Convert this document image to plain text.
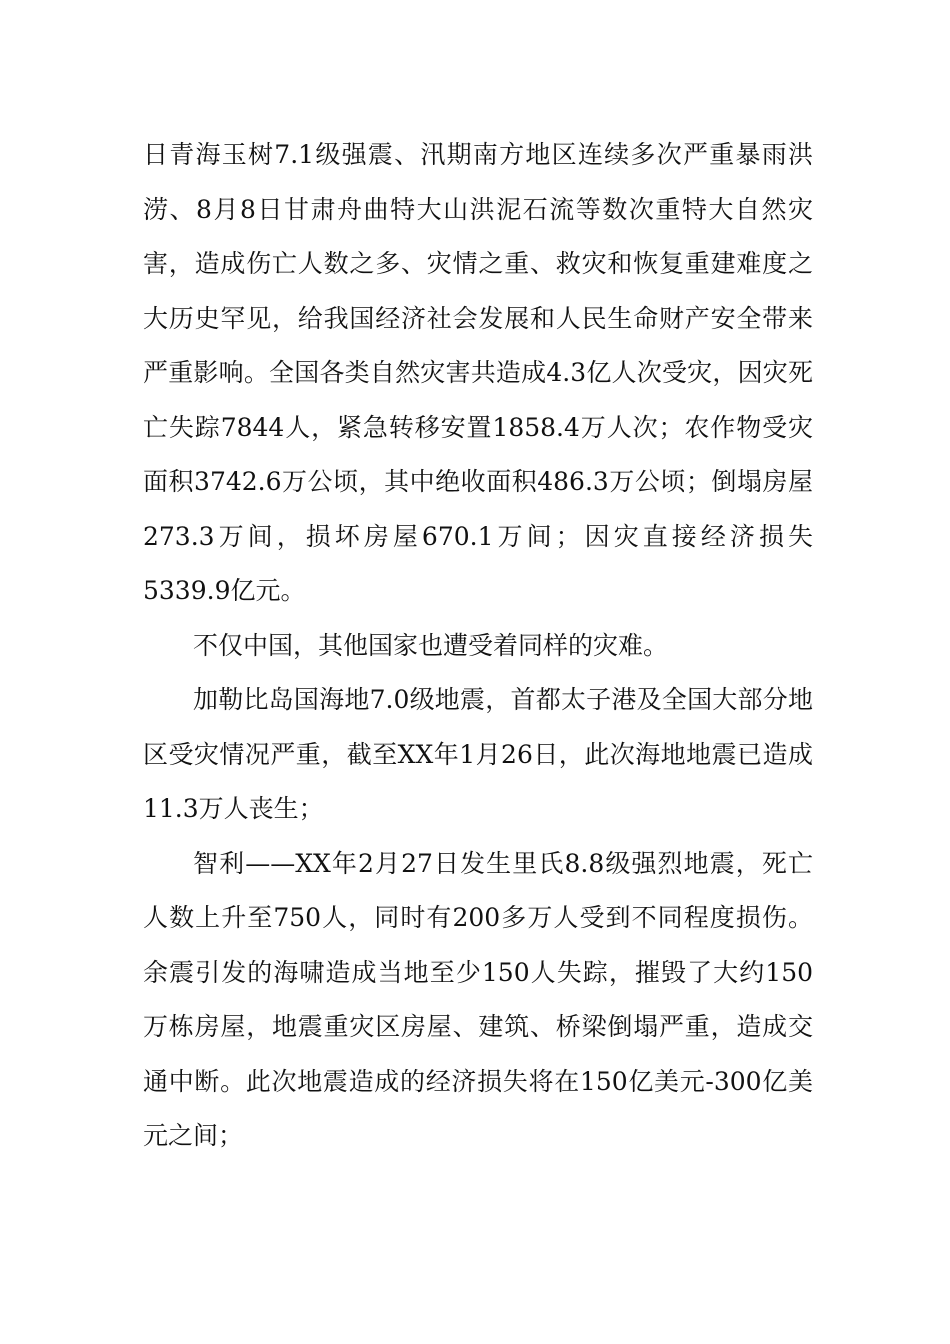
日青海玉树7.1级强震、汛期南方地区连续多次严重暴雨洪涝、8月8日甘肃舟曲特大山洪泥石流等数次重特大自然灾害，造成伤亡人数之多、灾情之重、救灾和恢复重建难度之大历史罕见，给我国经济社会发展和人民生命财产安全带来严重影响。全国各类自然灾害共造成4.3亿人次受灾，因灾死亡失踪7844人，紧急转移安置1858.4万人次；农作物受灾面积3742.6万公顷，其中绝收面积486.3万公顷；倒塌房屋273.3万间，损坏房屋670.1万间；因灾直接经济损失5339.9亿元。

不仅中国，其他国家也遭受着同样的灾难。

加勒比岛国海地7.0级地震，首都太子港及全国大部分地区受灾情况严重，截至XX年1月26日，此次海地地震已造成11.3万人丧生；

智利——XX年2月27日发生里氏8.8级强烈地震，死亡人数上升至750人，同时有200多万人受到不同程度损伤。余震引发的海啸造成当地至少150人失踪，摧毁了大约150万栋房屋，地震重灾区房屋、建筑、桥梁倒塌严重，造成交通中断。此次地震造成的经济损失将在150亿美元-300亿美元之间；
